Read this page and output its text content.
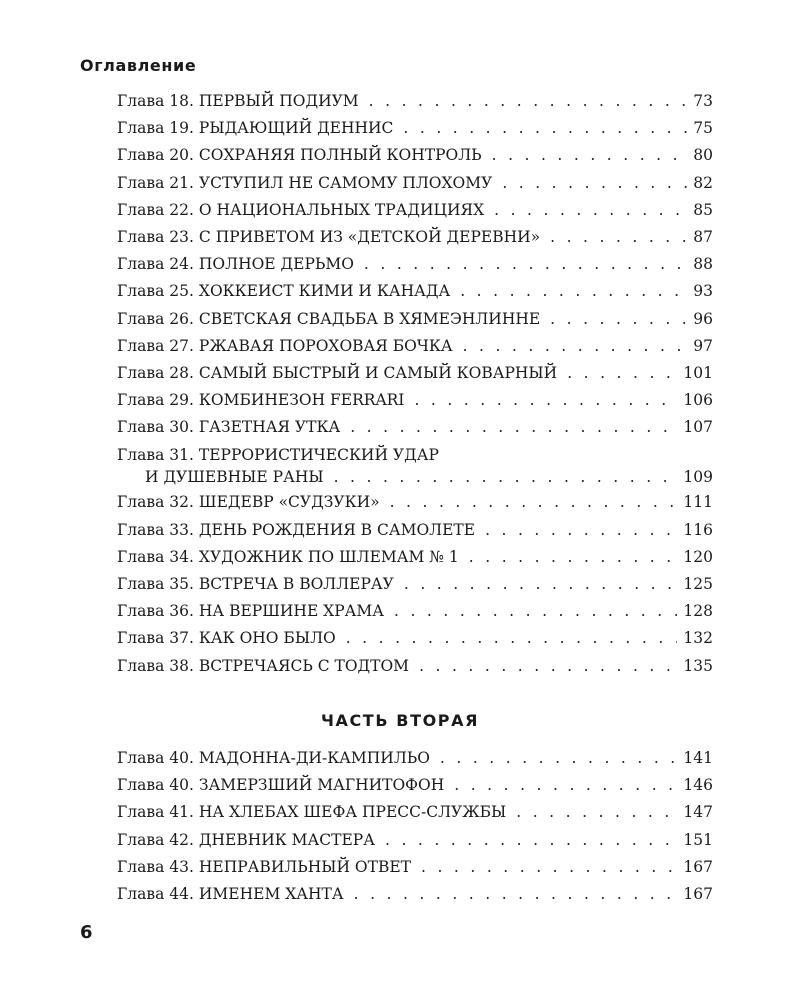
Оглавление
Глава 18. ПЕРВЫЙ ПОДИУМ . . .	73
Глава 19. РЫДАЮЩИЙ ДЕННИС . . .	75
Глава 20. СОХРАНЯЯ ПОЛНЫЙ КОНТРОЛЬ . . .	80
Глава 21. УСТУПИЛ НЕ САМОМУ ПЛОХОМУ . . .	82
Глава 22. О НАЦИОНАЛЬНЫХ ТРАДИЦИЯХ . . .	85
Глава 23. С ПРИВЕТОМ ИЗ «ДЕТСКОЙ ДЕРЕВНИ» . . .	87
Глава 24. ПОЛНОЕ ДЕРЬМО . . .	88
Глава 25. ХОККЕИСТ КИМИ И КАНАДА . . .	93
Глава 26. СВЕТСКАЯ СВАДЬБА В ХЯМЕЭНЛИННЕ . . .	96
Глава 27. РЖАВАЯ ПОРОХОВАЯ БОЧКА . . .	97
Глава 28. САМЫЙ БЫСТРЫЙ И САМЫЙ КОВАРНЫЙ . . .	101
Глава 29. КОМБИНЕЗОН FERRARI . . .	106
Глава 30. ГАЗЕТНАЯ УТКА . . .	107
Глава 31. ТЕРРОРИСТИЧЕСКИЙ УДАР
И ДУШЕВНЫЕ РАНЫ . . .	109
Глава 32. ШЕДЕВР «СУДЗУКИ» . . .	111
Глава 33. ДЕНЬ РОЖДЕНИЯ В САМОЛЕТЕ . . .	116
Глава 34. ХУДОЖНИК ПО ШЛЕМАМ № 1 . . .	120
Глава 35. ВСТРЕЧА В ВОЛЛЕРАУ . . .	125
Глава 36. НА ВЕРШИНЕ ХРАМА . . .	128
Глава 37. КАК ОНО БЫЛО . . .	132
Глава 38. ВСТРЕЧАЯСЬ С ТОДТОМ . . .	135
ЧАСТЬ ВТОРАЯ
Глава 40. МАДОННА-ДИ-КАМПИЛЬО . . .	141
Глава 40. ЗАМЕРЗШИЙ МАГНИТОФОН . . .	146
Глава 41. НА ХЛЕБАХ ШЕФА ПРЕСС-СЛУЖБЫ . . .	147
Глава 42. ДНЕВНИК МАСТЕРА . . .	151
Глава 43. НЕПРАВИЛЬНЫЙ ОТВЕТ . . .	167
Глава 44. ИМЕНЕМ ХАНТА . . .	167
6
